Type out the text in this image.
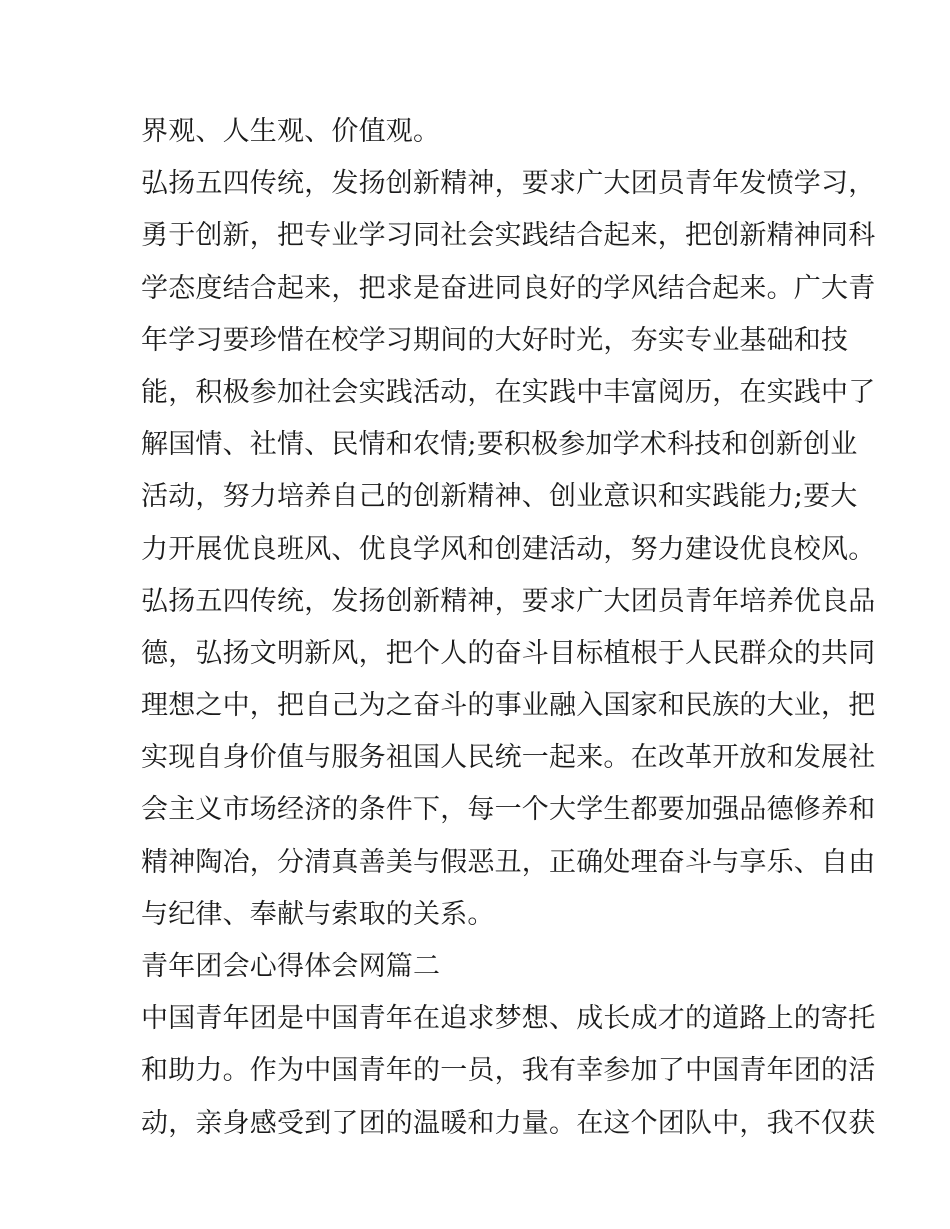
界观、人生观、价值观。
弘扬五四传统，发扬创新精神，要求广大团员青年发愤学习，
勇于创新，把专业学习同社会实践结合起来，把创新精神同科
学态度结合起来，把求是奋进同良好的学风结合起来。广大青
年学习要珍惜在校学习期间的大好时光，夯实专业基础和技
能，积极参加社会实践活动，在实践中丰富阅历，在实践中了
解国情、社情、民情和农情;要积极参加学术科技和创新创业
活动，努力培养自己的创新精神、创业意识和实践能力;要大
力开展优良班风、优良学风和创建活动，努力建设优良校风。
弘扬五四传统，发扬创新精神，要求广大团员青年培养优良品
德，弘扬文明新风，把个人的奋斗目标植根于人民群众的共同
理想之中，把自己为之奋斗的事业融入国家和民族的大业，把
实现自身价值与服务祖国人民统一起来。在改革开放和发展社
会主义市场经济的条件下，每一个大学生都要加强品德修养和
精神陶冶，分清真善美与假恶丑，正确处理奋斗与享乐、自由
与纪律、奉献与索取的关系。
青年团会心得体会网篇二
中国青年团是中国青年在追求梦想、成长成才的道路上的寄托
和助力。作为中国青年的一员，我有幸参加了中国青年团的活
动，亲身感受到了团的温暖和力量。在这个团队中，我不仅获
